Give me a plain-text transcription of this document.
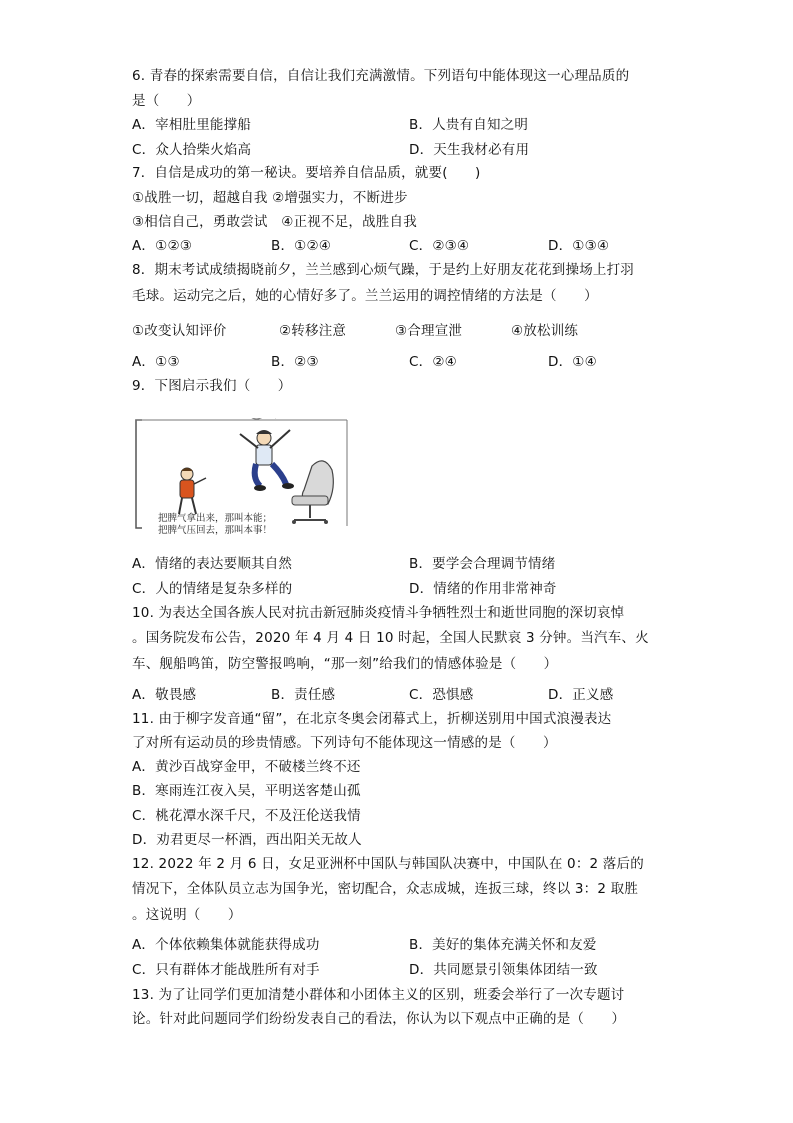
6. 青春的探索需要自信，自信让我们充满激情。下列语句中能体现这一心理品质的
是（　　）
A．宰相肚里能撑船	B．人贵有自知之明
C．众人拾柴火焰高	D．天生我材必有用
7．自信是成功的第一秘诀。要培养自信品质，就要(　　)
①战胜一切，超越自我 ②增强实力，不断进步
③相信自己，勇敢尝试　④正视不足，战胜自我
A．①②③	B．①②④	C．②③④	D．①③④
8．期末考试成绩揭晓前夕，兰兰感到心烦气躁，于是约上好朋友花花到操场上打羽
毛球。运动完之后，她的心情好多了。兰兰运用的调控情绪的方法是（　　）
①改变认知评价	②转移注意	③合理宣泄	④放松训练
A．①③	B．②③	C．②④	D．①④
9．下图启示我们（　　）
把脾气拿出来，那叫本能；
把脾气压回去，那叫本事！
A．情绪的表达要顺其自然	B．要学会合理调节情绪
C．人的情绪是复杂多样的	D．情绪的作用非常神奇
10. 为表达全国各族人民对抗击新冠肺炎疫情斗争牺牲烈士和逝世同胞的深切哀悼
。国务院发布公告，2020 年 4 月 4 日 10 时起，全国人民默哀 3 分钟。当汽车、火
车、舰船鸣笛，防空警报鸣响，“那一刻”给我们的情感体验是（　　）
A．敬畏感	B．责任感	C．恐惧感	D．正义感
11. 由于柳字发音通“留”，在北京冬奥会闭幕式上，折柳送别用中国式浪漫表达
了对所有运动员的珍贵情感。下列诗句不能体现这一情感的是（　　）
A．黄沙百战穿金甲，不破楼兰终不还
B．寒雨连江夜入吴，平明送客楚山孤
C．桃花潭水深千尺，不及汪伦送我情
D．劝君更尽一杯酒，西出阳关无故人
12. 2022 年 2 月 6 日，女足亚洲杯中国队与韩国队决赛中，中国队在 0：2 落后的
情况下，全体队员立志为国争光，密切配合，众志成城，连扳三球，终以 3：2 取胜
。这说明（　　）
A．个体依赖集体就能获得成功	B．美好的集体充满关怀和友爱
C．只有群体才能战胜所有对手	D．共同愿景引领集体团结一致
13. 为了让同学们更加清楚小群体和小团体主义的区别，班委会举行了一次专题讨
论。针对此问题同学们纷纷发表自己的看法，你认为以下观点中正确的是（　　）
